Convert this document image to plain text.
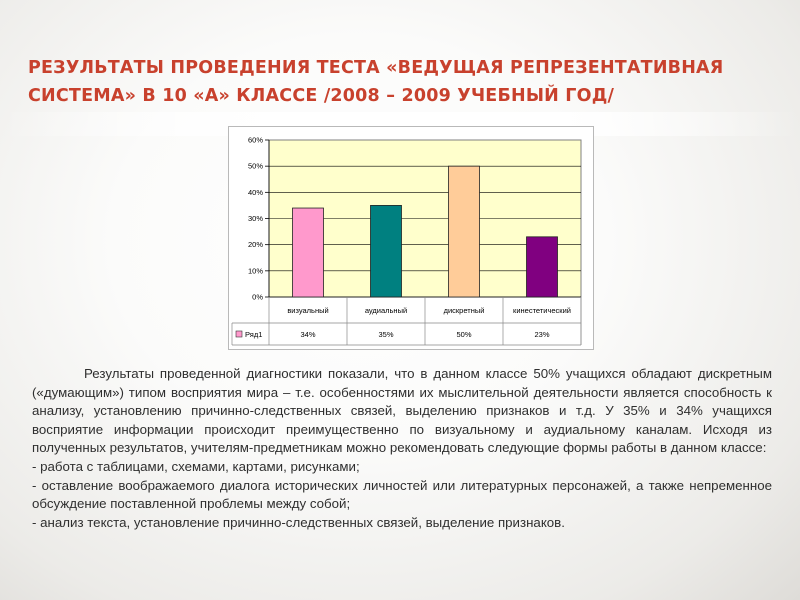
РЕЗУЛЬТАТЫ ПРОВЕДЕНИЯ ТЕСТА «ВЕДУЩАЯ РЕПРЕЗЕНТАТИВНАЯ СИСТЕМА» В 10 «А» КЛАССЕ /2008 – 2009 УЧЕБНЫЙ ГОД/
0%
10%
20%
30%
40%
50%
60%
визуальный
34%
аудиальный
35%
дискретный
50%
кинестетический
23%
Ряд1

Результаты проведенной диагностики показали, что в данном классе 50% учащихся обладают дискретным («думающим») типом восприятия мира – т.е. особенностями их мыслительной деятельности является способность к анализу, установлению причинно-следственных связей, выделению признаков и т.д. У 35% и 34% учащихся восприятие информации происходит преимущественно по визуальному и аудиальному каналам. Исходя из полученных результатов, учителям-предметникам можно рекомендовать следующие формы работы в данном классе:

- работа с таблицами, схемами, картами, рисунками;

- оставление воображаемого диалога исторических личностей или литературных персонажей, а также непременное обсуждение поставленной проблемы между собой;

- анализ текста, установление причинно-следственных связей, выделение признаков.
